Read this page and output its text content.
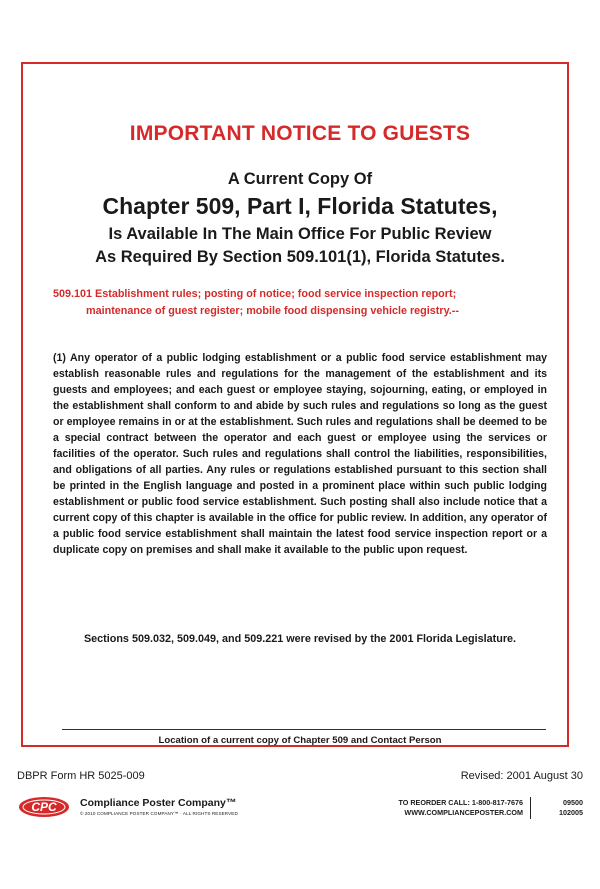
IMPORTANT NOTICE TO GUESTS
A Current Copy Of
Chapter 509, Part I, Florida Statutes,
Is Available In The Main Office For Public Review
As Required By Section 509.101(1), Florida Statutes.
509.101 Establishment rules; posting of notice; food service inspection report;
maintenance of guest register; mobile food dispensing vehicle registry.--
(1) Any operator of a public lodging establishment or a public food service establishment may establish reasonable rules and regulations for the management of the establishment and its guests and employees; and each guest or employee staying, sojourning, eating, or employed in the establishment shall conform to and abide by such rules and regulations so long as the guest or employee remains in or at the establishment. Such rules and regulations shall be deemed to be a special contract between the operator and each guest or employee using the services or facilities of the operator. Such rules and regulations shall control the liabilities, responsibilities, and obligations of all parties. Any rules or regulations established pursuant to this section shall be printed in the English language and posted in a prominent place within such public lodging establishment or public food service establishment. Such posting shall also include notice that a current copy of this chapter is available in the office for public review. In addition, any operator of a public food service establishment shall maintain the latest food service inspection report or a duplicate copy on premises and shall make it available to the public upon request.
Sections 509.032, 509.049, and 509.221 were revised by the 2001 Florida Legislature.
Location of a current copy of Chapter 509 and Contact Person
DBPR Form HR 5025-009	Revised: 2001 August 30
CPC Compliance Poster Company™
© 2010 COMPLIANCE POSTER COMPANY™ · ALL RIGHTS RESERVED
TO REORDER CALL: 1-800-817-7676
WWW.COMPLIANCEPOSTER.COM
09500
102005
